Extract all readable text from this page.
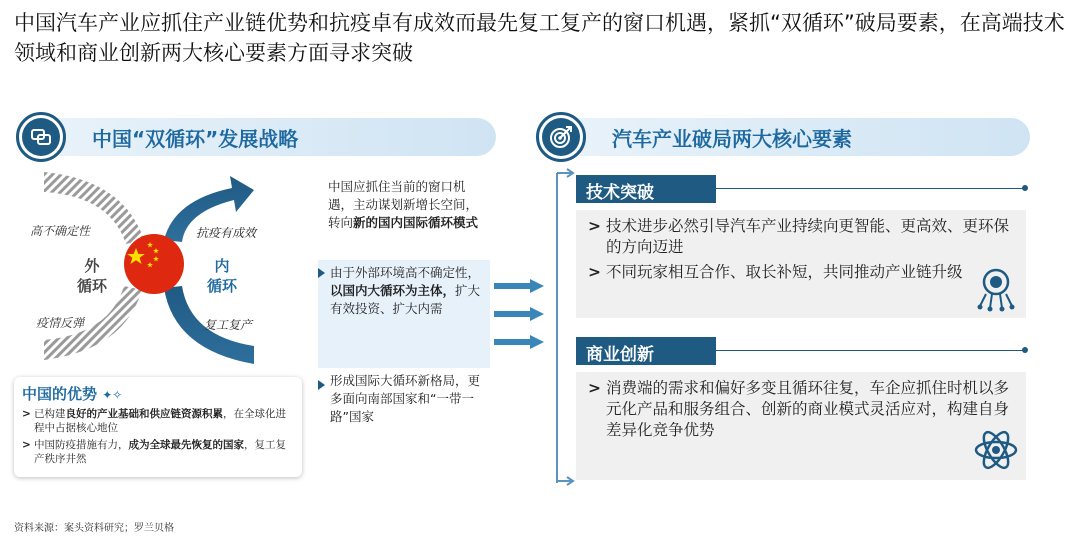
中国汽车产业应抓住产业链优势和抗疫卓有成效而最先复工复产的窗口机遇，紧抓“双循环”破局要素，在高端技术领域和商业创新两大核心要素方面寻求突破
中国“双循环”发展战略	汽车产业破局两大核心要素
高不确定性
疫情反弹
外
循环
内
循环
抗疫有成效
复工复产
中国的优势 ✦✧
> 已构建良好的产业基础和供应链资源积累，在全球化进程中占据核心地位
> 中国防疫措施有力，成为全球最先恢复的国家，复工复产秩序井然
中国应抓住当前的窗口机遇，主动谋划新增长空间，转向新的国内国际循环模式
由于外部环境高不确定性，以国内大循环为主体，扩大有效投资、扩大内需
形成国际大循环新格局，更多面向南部国家和“一带一路”国家
技术突破
> 技术进步必然引导汽车产业持续向更智能、更高效、更环保的方向迈进
> 不同玩家相互合作、取长补短，共同推动产业链升级
商业创新
> 消费端的需求和偏好多变且循环往复，车企应抓住时机以多元化产品和服务组合、创新的商业模式灵活应对，构建自身差异化竞争优势
资料来源：案头资料研究；罗兰贝格
